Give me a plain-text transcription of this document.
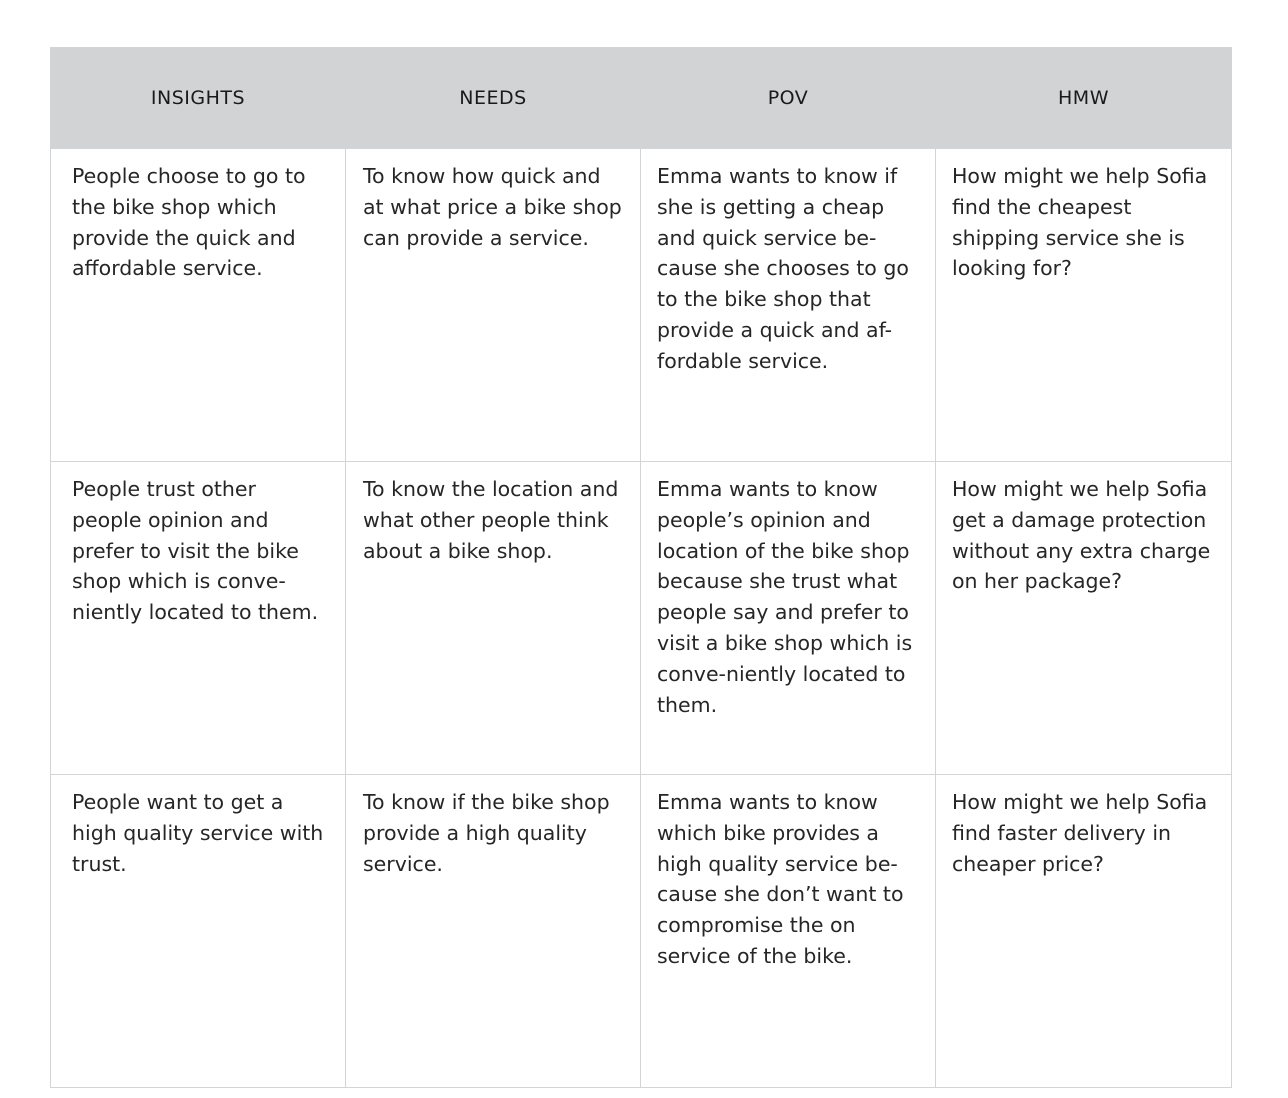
INSIGHTS	NEEDS	POV	HMW

People choose to go to the bike shop which provide the quick and affordable service.	To know how quick and at what price a bike shop can provide a service.	Emma wants to know if she is getting a cheap and quick service be-cause she chooses to go to the bike shop that provide a quick and af-fordable service.	How might we help Sofia find the cheapest shipping service she is looking for?

People trust other people opinion and prefer to visit the bike shop which is conve-niently located to them.	To know the location and what other people think about a bike shop.	Emma wants to know people’s opinion and location of the bike shop because she trust what people say and prefer to visit a bike shop which is conve-niently located to them.	How might we help Sofia get a damage protection without any extra charge on her package?

People want to get a high quality service with trust.	To know if the bike shop provide a high quality service.	Emma wants to know which bike provides a high quality service be-cause she don’t want to compromise the on service of the bike.	How might we help Sofia find faster delivery in cheaper price?
